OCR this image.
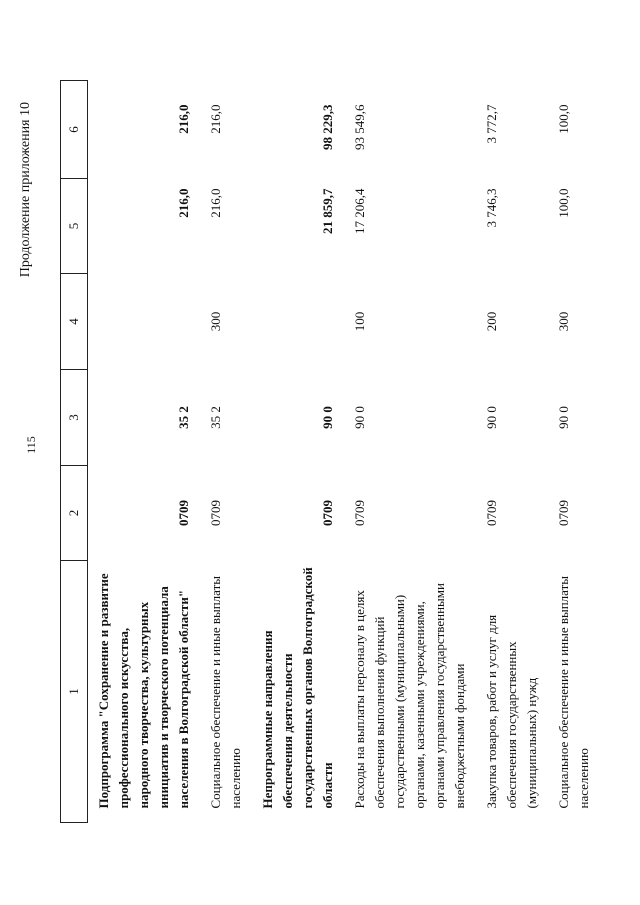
115
Продолжение приложения 10
1	2	3	4	5	6
Подпрограмма "Сохранение и развитие профессионального искусства, народного творчества, культурных инициатив и творческого потенциала населения в Волгоградской области"	0709	35 2		216,0	216,0
Социальное обеспечение и иные выплаты населению	0709	35 2	300	216,0	216,0
Непрограммные направления обеспечения деятельности государственных органов Волгоградской области	0709	90 0		21 859,7	98 229,3
Расходы на выплаты персоналу в целях обеспечения выполнения функций государственными (муниципальными) органами, казенными учреждениями, органами управления государственными внебюджетными фондами	0709	90 0	100	17 206,4	93 549,6
Закупка товаров, работ и услуг для обеспечения государственных (муниципальных) нужд	0709	90 0	200	3 746,3	3 772,7
Социальное обеспечение и иные выплаты населению	0709	90 0	300	100,0	100,0
